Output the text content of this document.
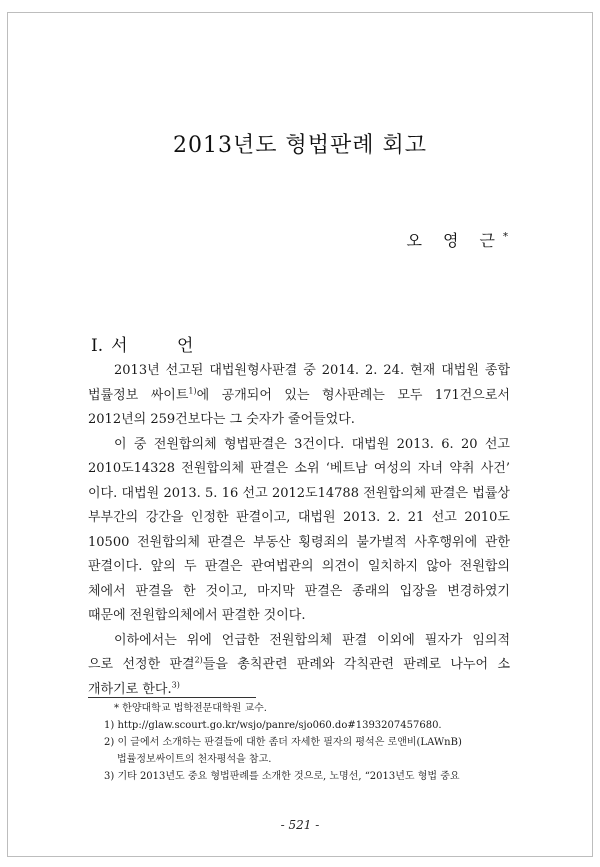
2013년도 형법판례 회고
오 영 근*
Ⅰ. 서 언

2013년 선고된 대법원형사판결 중 2014. 2. 24. 현재 대법원 종합
법률정보 싸이트$^{1)}$에 공개되어 있는 형사판례는 모두 171건으로서
2012년의 259건보다는 그 숫자가 줄어들었다.

이 중 전원합의체 형법판결은 3건이다. 대법원 2013. 6. 20 선고
2010도14328 전원합의체 판결은 소위 ‘베트남 여성의 자녀 약취 사건’
이다. 대법원 2013. 5. 16 선고 2012도14788 전원합의체 판결은 법률상
부부간의 강간을 인정한 판결이고, 대법원 2013. 2. 21 선고 2010도
10500 전원합의체 판결은 부동산 횡령죄의 불가벌적 사후행위에 관한
판결이다. 앞의 두 판결은 관여법관의 의견이 일치하지 않아 전원합의
체에서 판결을 한 것이고, 마지막 판결은 종래의 입장을 변경하였기
때문에 전원합의체에서 판결한 것이다.

이하에서는 위에 언급한 전원합의체 판결 이외에 필자가 임의적
으로 선정한 판결$^{2)}$들을 총칙관련 판례와 각칙관련 판례로 나누어 소
개하기로 한다.$^{3)}$

* 한양대학교 법학전문대학원 교수.
1) http://glaw.scourt.go.kr/wsjo/panre/sjo060.do#1393207457680.
2) 이 글에서 소개하는 판결들에 대한 좀더 자세한 필자의 평석은 로앤비(LAWnB)
법률정보싸이트의 천자평석을 참고.
3) 기타 2013년도 중요 형법판례를 소개한 것으로, 노명선, “2013년도 형법 중요
- 521 -
